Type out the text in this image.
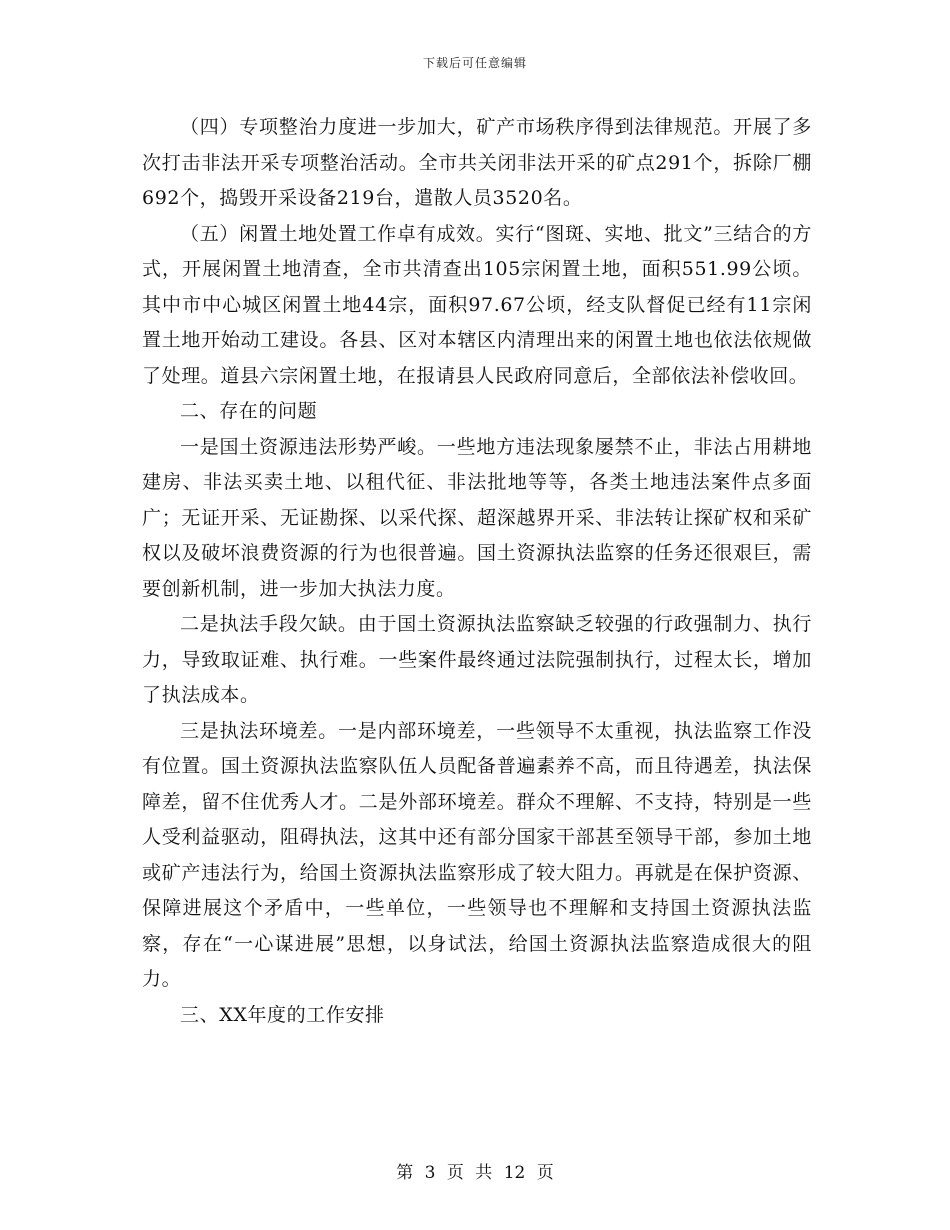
下载后可任意编辑

（四）专项整治力度进一步加大，矿产市场秩序得到法律规范。开展了多次打击非法开采专项整治活动。全市共关闭非法开采的矿点291个，拆除厂棚692个，捣毁开采设备219台，遣散人员3520名。

（五）闲置土地处置工作卓有成效。实行“图斑、实地、批文”三结合的方式，开展闲置土地清查，全市共清查出105宗闲置土地，面积551.99公顷。其中市中心城区闲置土地44宗，面积97.67公顷，经支队督促已经有11宗闲置土地开始动工建设。各县、区对本辖区内清理出来的闲置土地也依法依规做了处理。道县六宗闲置土地，在报请县人民政府同意后，全部依法补偿收回。

二、存在的问题

一是国土资源违法形势严峻。一些地方违法现象屡禁不止，非法占用耕地建房、非法买卖土地、以租代征、非法批地等等，各类土地违法案件点多面广；无证开采、无证勘探、以采代探、超深越界开采、非法转让探矿权和采矿权以及破坏浪费资源的行为也很普遍。国土资源执法监察的任务还很艰巨，需要创新机制，进一步加大执法力度。

二是执法手段欠缺。由于国土资源执法监察缺乏较强的行政强制力、执行力，导致取证难、执行难。一些案件最终通过法院强制执行，过程太长，增加了执法成本。

三是执法环境差。一是内部环境差，一些领导不太重视，执法监察工作没有位置。国土资源执法监察队伍人员配备普遍素养不高，而且待遇差，执法保障差，留不住优秀人才。二是外部环境差。群众不理解、不支持，特别是一些人受利益驱动，阻碍执法，这其中还有部分国家干部甚至领导干部，参加土地或矿产违法行为，给国土资源执法监察形成了较大阻力。再就是在保护资源、保障进展这个矛盾中，一些单位，一些领导也不理解和支持国土资源执法监察，存在“一心谋进展”思想，以身试法，给国土资源执法监察造成很大的阻力。

三、XX年度的工作安排

第 3 页 共 12 页
